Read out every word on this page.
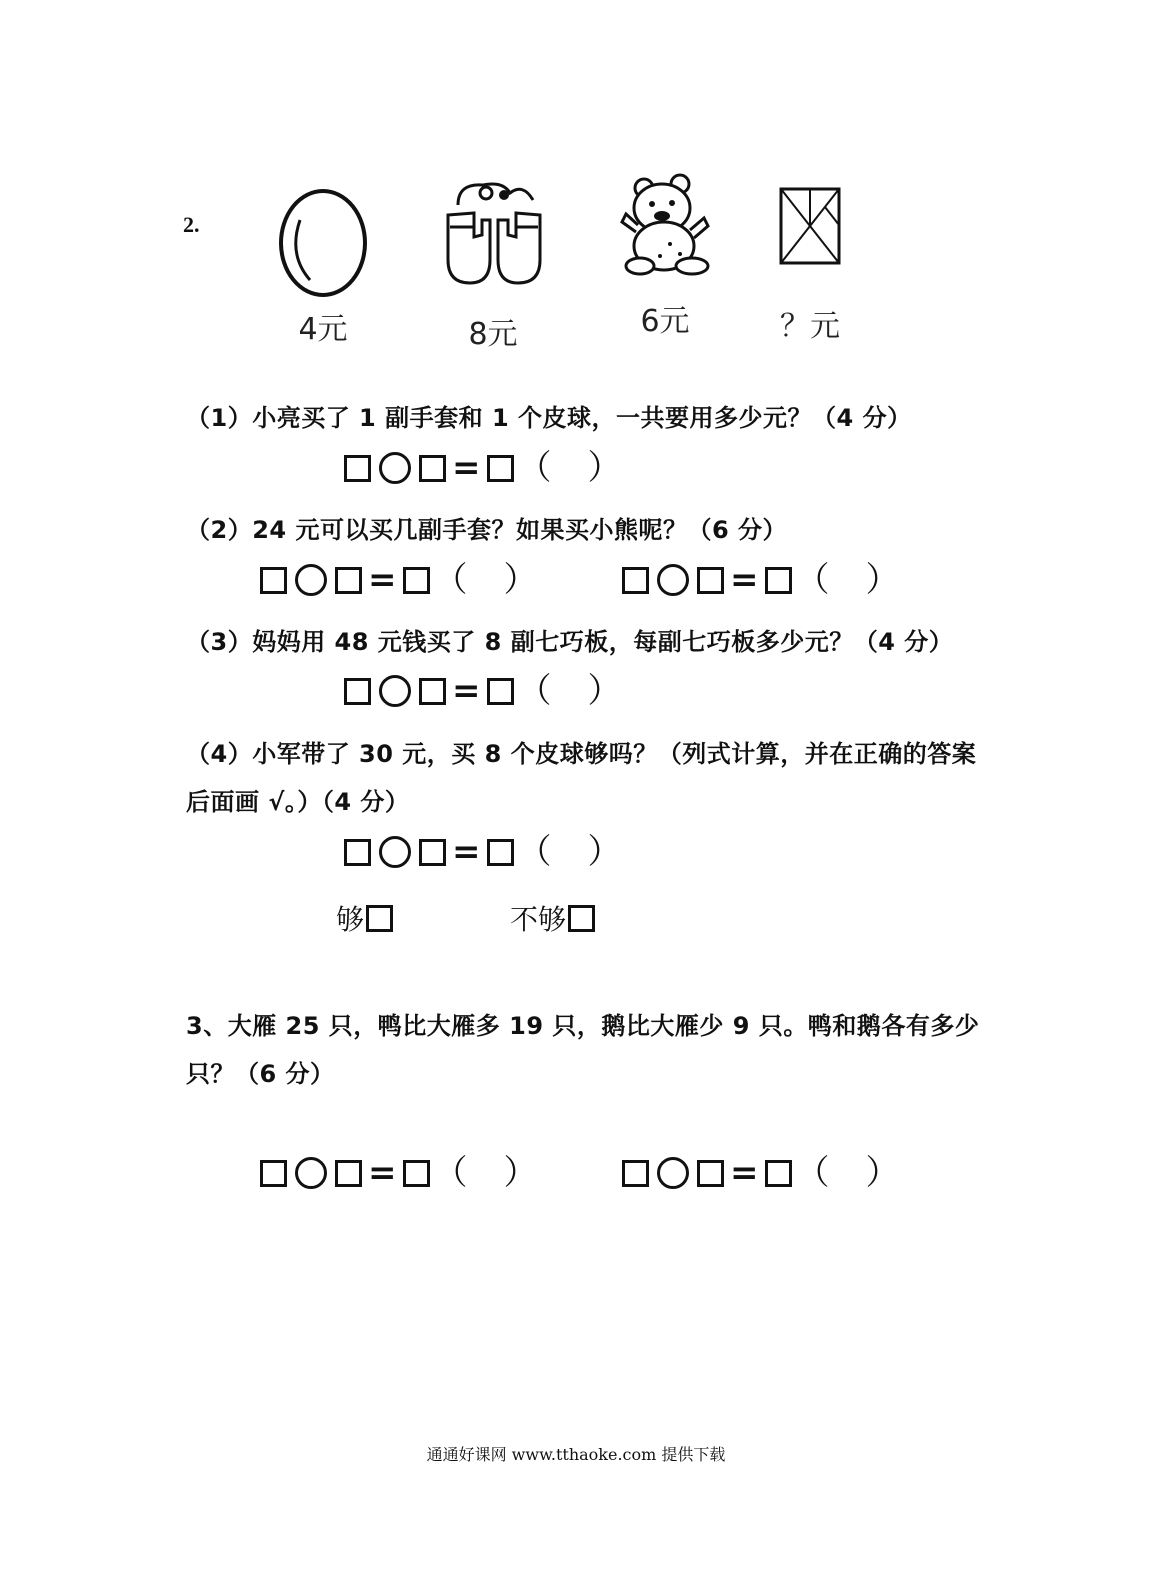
2.
4元	8元	6元	？元
（1）小亮买了 1 副手套和 1 个皮球，一共要用多少元？（4 分）
= （ ）
（2）24 元可以买几副手套？如果买小熊呢？（6 分）
= （ ）	= （ ）
（3）妈妈用 48 元钱买了 8 副七巧板，每副七巧板多少元？（4 分）
= （ ）
（4）小军带了 30 元，买 8 个皮球够吗？（列式计算，并在正确的答案
后面画 √。）（4 分）
= （ ）
够	不够
3、大雁 25 只，鸭比大雁多 19 只，鹅比大雁少 9 只。鸭和鹅各有多少
只？（6 分）
= （ ）	= （ ）
通通好课网 www.tthaoke.com 提供下载
